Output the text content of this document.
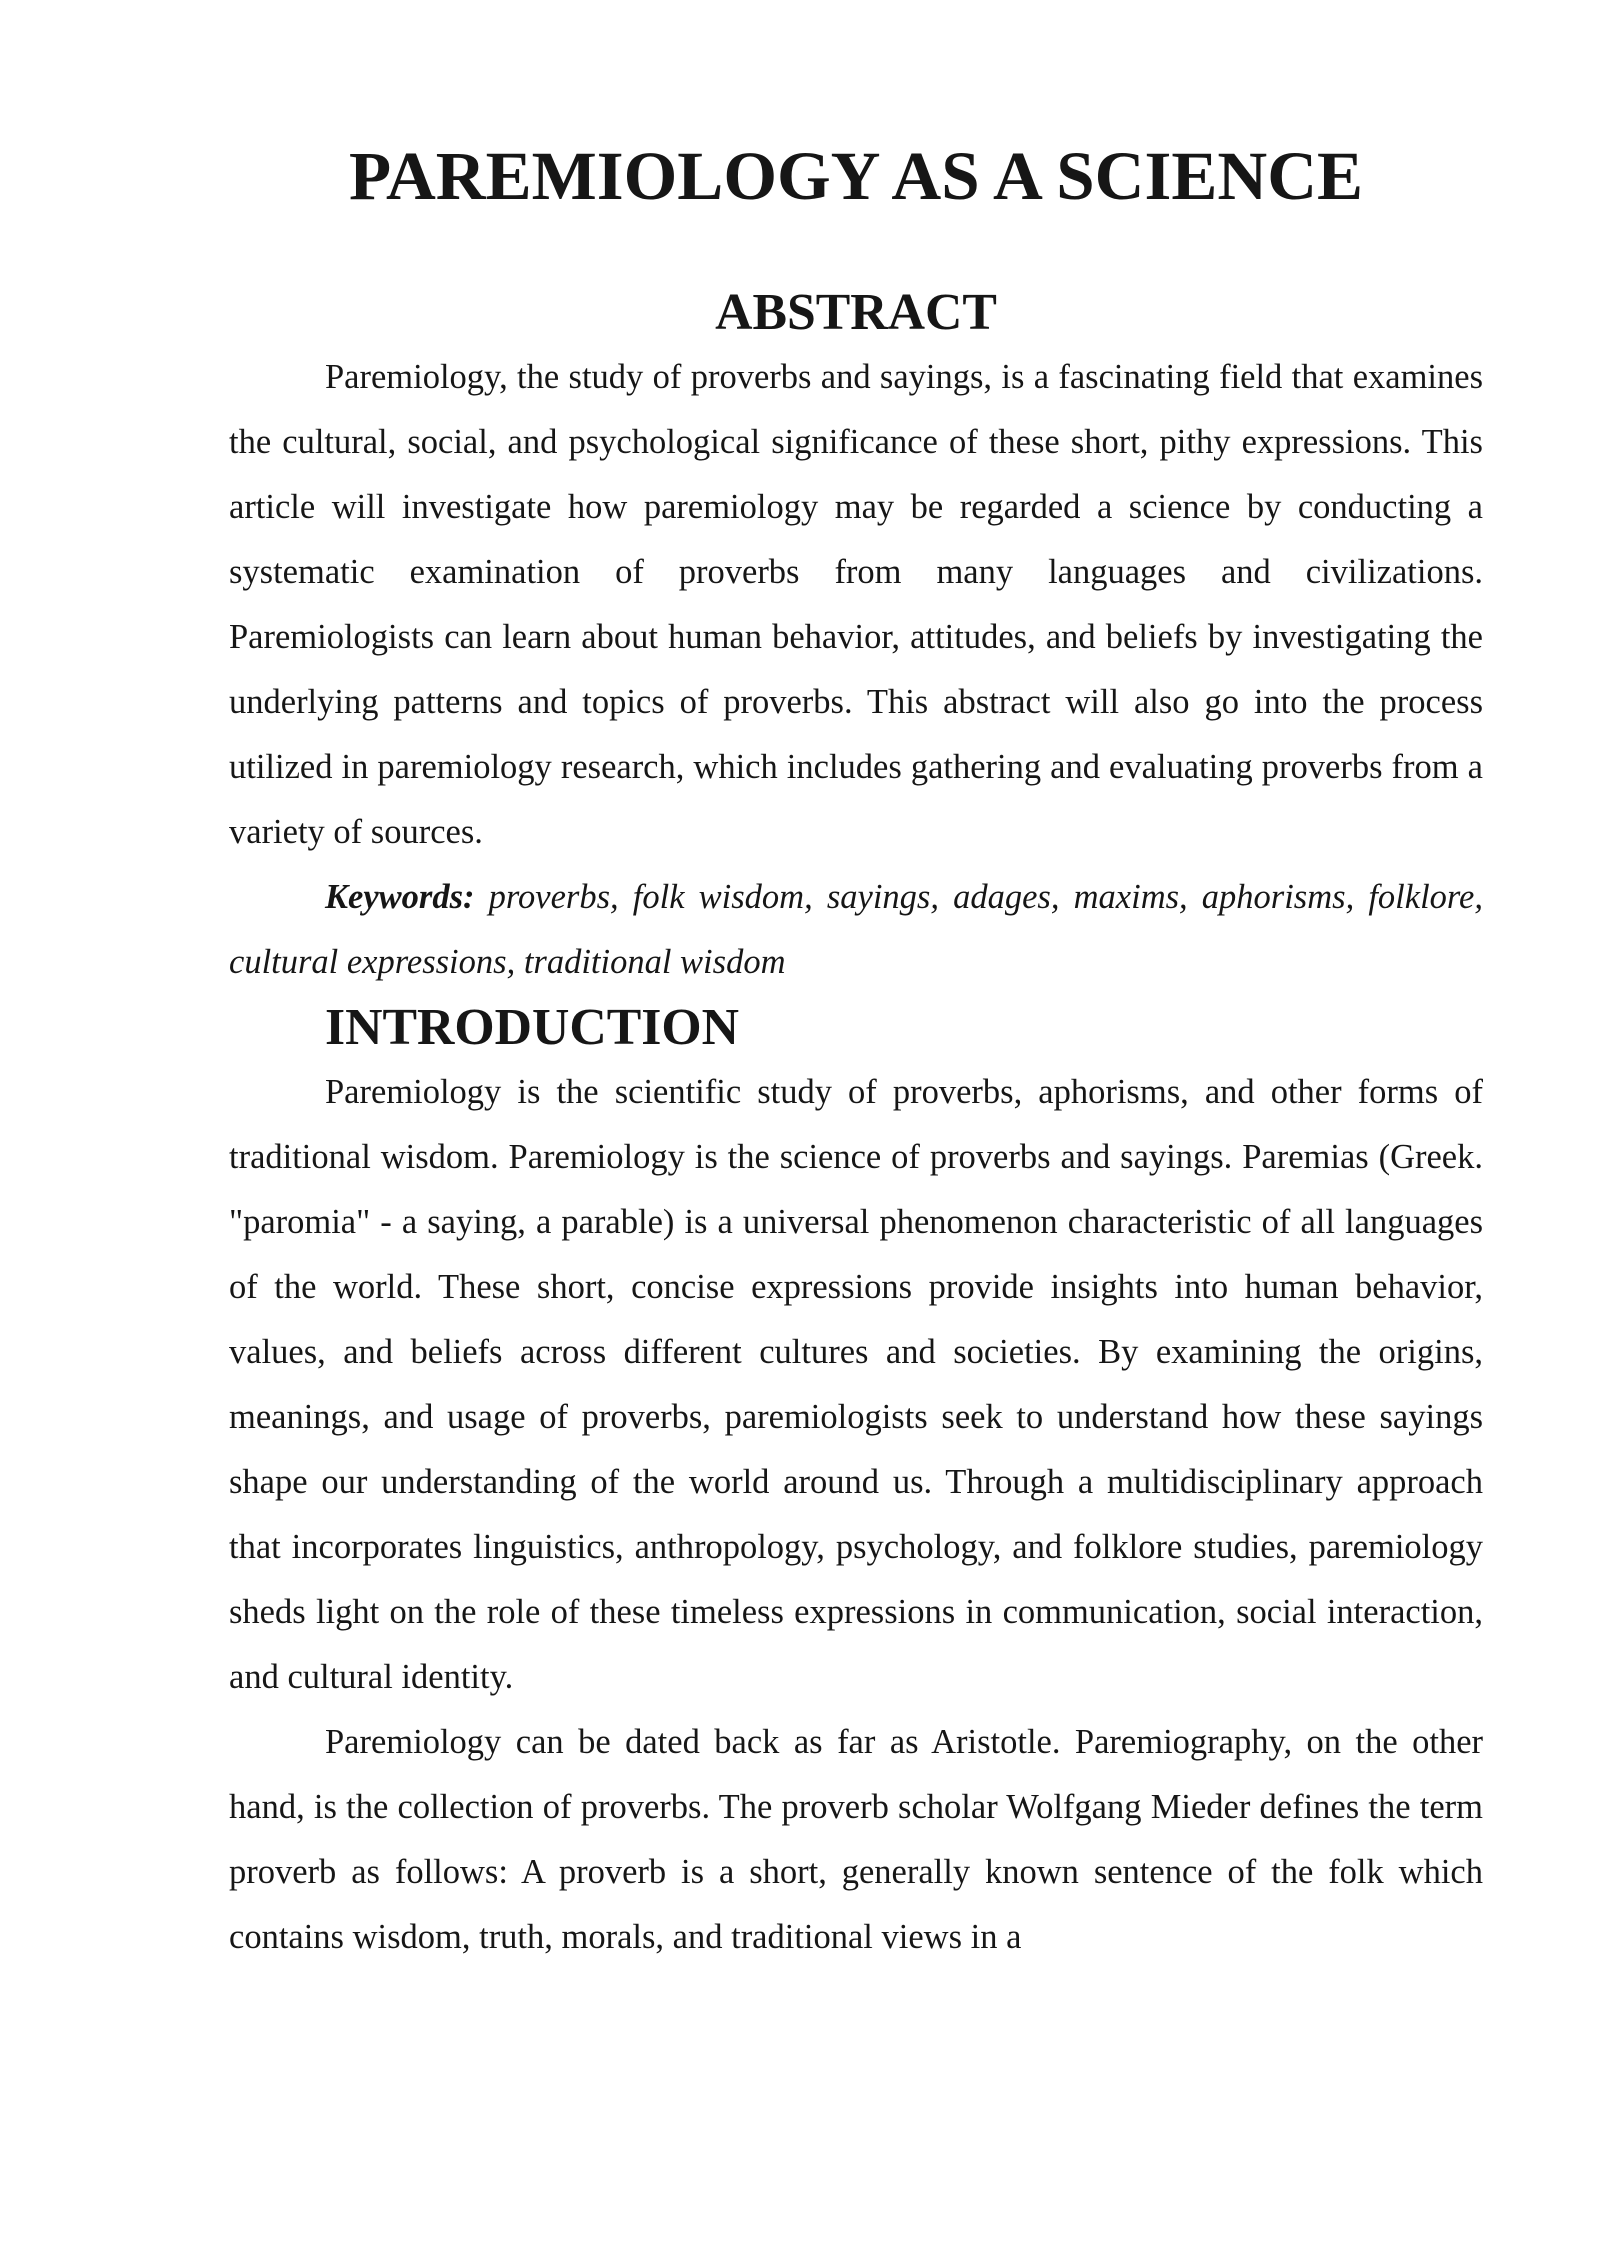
PAREMIOLOGY AS A SCIENCE
ABSTRACT

Paremiology, the study of proverbs and sayings, is a fascinating field that examines the cultural, social, and psychological significance of these short, pithy expressions. This article will investigate how paremiology may be regarded a science by conducting a systematic examination of proverbs from many languages and civilizations. Paremiologists can learn about human behavior, attitudes, and beliefs by investigating the underlying patterns and topics of proverbs. This abstract will also go into the process utilized in paremiology research, which includes gathering and evaluating proverbs from a variety of sources.

Keywords: proverbs, folk wisdom, sayings, adages, maxims, aphorisms, folklore, cultural expressions, traditional wisdom

INTRODUCTION

Paremiology is the scientific study of proverbs, aphorisms, and other forms of traditional wisdom. Paremiology is the science of proverbs and sayings. Paremias (Greek. "paromia" - a saying, a parable) is a universal phenomenon characteristic of all languages of the world. These short, concise expressions provide insights into human behavior, values, and beliefs across different cultures and societies. By examining the origins, meanings, and usage of proverbs, paremiologists seek to understand how these sayings shape our understanding of the world around us. Through a multidisciplinary approach that incorporates linguistics, anthropology, psychology, and folklore studies, paremiology sheds light on the role of these timeless expressions in communication, social interaction, and cultural identity.

Paremiology can be dated back as far as Aristotle. Paremiography, on the other hand, is the collection of proverbs. The proverb scholar Wolfgang Mieder defines the term proverb as follows: A proverb is a short, generally known sentence of the folk which contains wisdom, truth, morals, and traditional views in a
